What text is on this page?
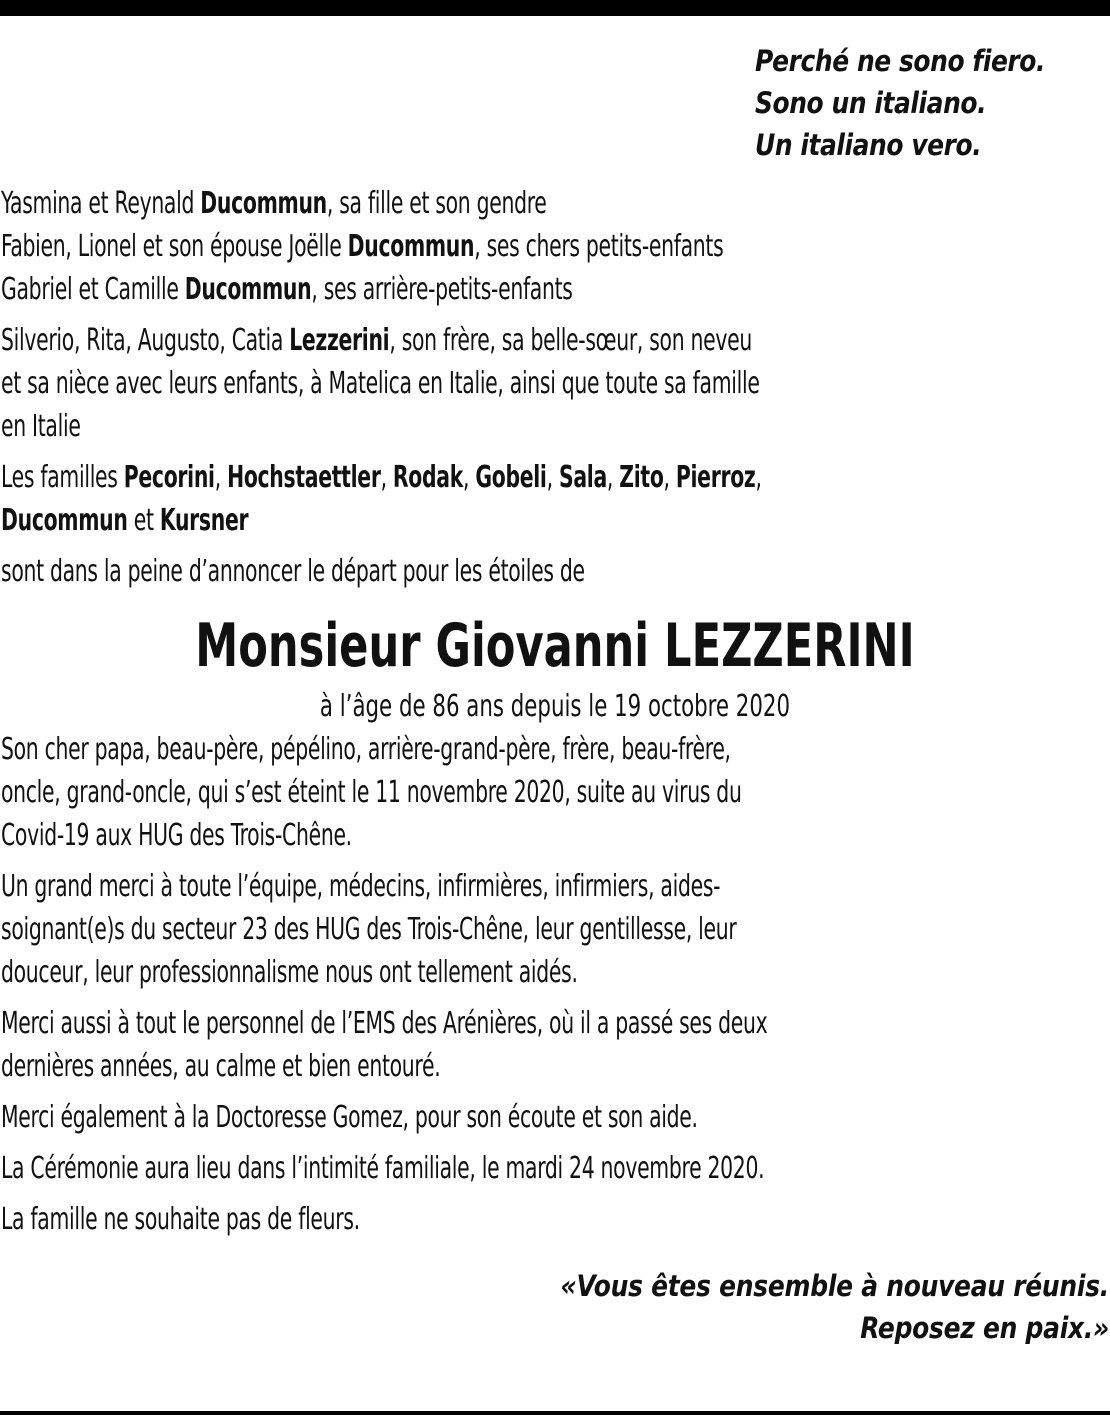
Perché ne sono fiero.
Sono un italiano.
Un italiano vero.
Yasmina et Reynald Ducommun, sa fille et son gendre
Fabien, Lionel et son épouse Joëlle Ducommun, ses chers petits-enfants
Gabriel et Camille Ducommun, ses arrière-petits-enfants
Silverio, Rita, Augusto, Catia Lezzerini, son frère, sa belle-sœur, son neveu
et sa nièce avec leurs enfants, à Matelica en Italie, ainsi que toute sa famille
en Italie
Les familles Pecorini, Hochstaettler, Rodak, Gobeli, Sala, Zito, Pierroz,
Ducommun et Kursner
sont dans la peine d’annoncer le départ pour les étoiles de
Monsieur Giovanni LEZZERINI
à l’âge de 86 ans depuis le 19 octobre 2020
Son cher papa, beau-père, pépélino, arrière-grand-père, frère, beau-frère,
oncle, grand-oncle, qui s’est éteint le 11 novembre 2020, suite au virus du
Covid-19 aux HUG des Trois-Chêne.
Un grand merci à toute l’équipe, médecins, infirmières, infirmiers, aides-
soignant(e)s du secteur 23 des HUG des Trois-Chêne, leur gentillesse, leur
douceur, leur professionnalisme nous ont tellement aidés.
Merci aussi à tout le personnel de l’EMS des Arénières, où il a passé ses deux
dernières années, au calme et bien entouré.
Merci également à la Doctoresse Gomez, pour son écoute et son aide.
La Cérémonie aura lieu dans l’intimité familiale, le mardi 24 novembre 2020.
La famille ne souhaite pas de fleurs.
«Vous êtes ensemble à nouveau réunis.
Reposez en paix.»
